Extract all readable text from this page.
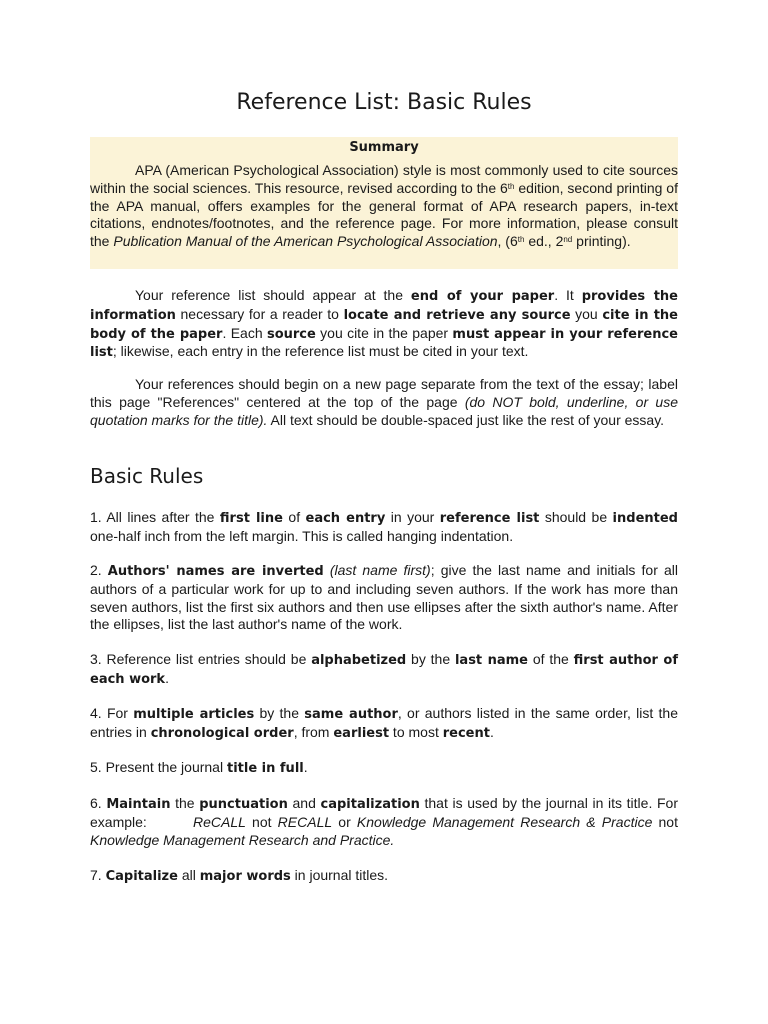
Reference List: Basic Rules
Summary

APA (American Psychological Association) style is most commonly used to cite sources within the social sciences. This resource, revised according to the 6th edition, second printing of the APA manual, offers examples for the general format of APA research papers, in-text citations, endnotes/footnotes, and the reference page. For more information, please consult the Publication Manual of the American Psychological Association, (6th ed., 2nd printing).

Your reference list should appear at the end of your paper. It provides the information necessary for a reader to locate and retrieve any source you cite in the body of the paper. Each source you cite in the paper must appear in your reference list; likewise, each entry in the reference list must be cited in your text.

Your references should begin on a new page separate from the text of the essay; label this page "References" centered at the top of the page (do NOT bold, underline, or use quotation marks for the title). All text should be double-spaced just like the rest of your essay.

Basic Rules

1. All lines after the first line of each entry in your reference list should be indented one-half inch from the left margin. This is called hanging indentation.

2. Authors' names are inverted (last name first); give the last name and initials for all authors of a particular work for up to and including seven authors. If the work has more than seven authors, list the first six authors and then use ellipses after the sixth author's name. After the ellipses, list the last author's name of the work.

3. Reference list entries should be alphabetized by the last name of the first author of each work.

4. For multiple articles by the same author, or authors listed in the same order, list the entries in chronological order, from earliest to most recent.

5. Present the journal title in full.

6. Maintain the punctuation and capitalization that is used by the journal in its title. For example:	ReCALL not RECALL or Knowledge Management Research & Practice not Knowledge Management Research and Practice.

7. Capitalize all major words in journal titles.
